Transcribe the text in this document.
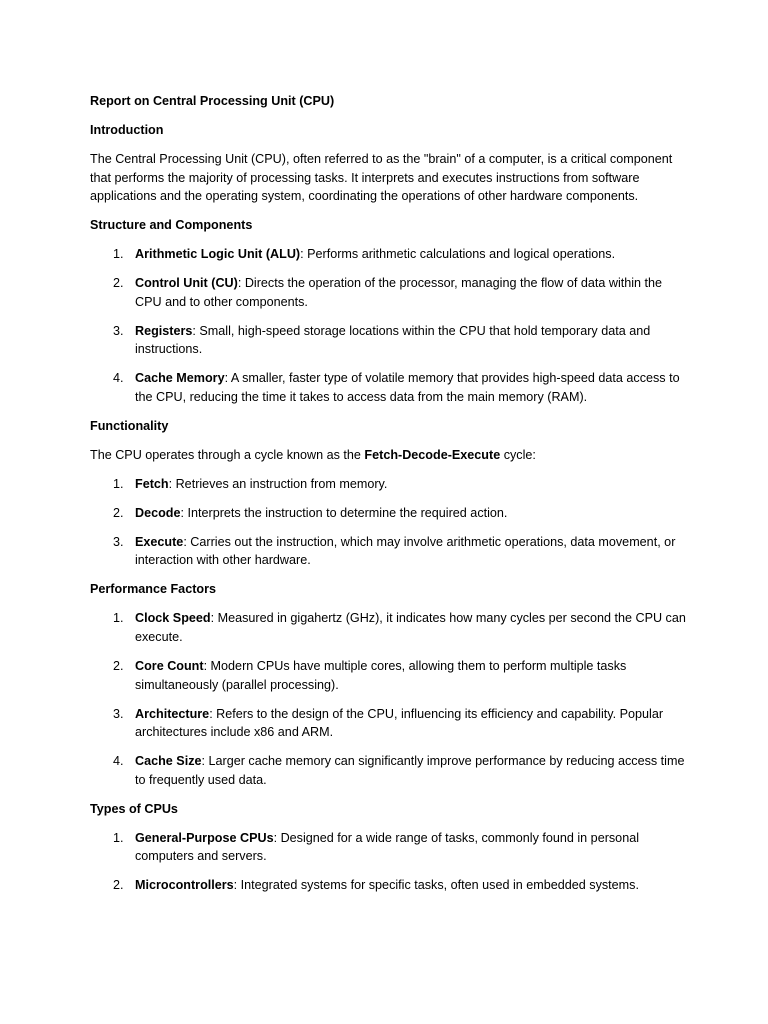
Report on Central Processing Unit (CPU)

Introduction

The Central Processing Unit (CPU), often referred to as the "brain" of a computer, is a critical component that performs the majority of processing tasks. It interprets and executes instructions from software applications and the operating system, coordinating the operations of other hardware components.

Structure and Components

1. Arithmetic Logic Unit (ALU): Performs arithmetic calculations and logical operations.
2. Control Unit (CU): Directs the operation of the processor, managing the flow of data within the CPU and to other components.
3. Registers: Small, high-speed storage locations within the CPU that hold temporary data and instructions.
4. Cache Memory: A smaller, faster type of volatile memory that provides high-speed data access to the CPU, reducing the time it takes to access data from the main memory (RAM).

Functionality

The CPU operates through a cycle known as the Fetch-Decode-Execute cycle:

1. Fetch: Retrieves an instruction from memory.
2. Decode: Interprets the instruction to determine the required action.
3. Execute: Carries out the instruction, which may involve arithmetic operations, data movement, or interaction with other hardware.

Performance Factors

1. Clock Speed: Measured in gigahertz (GHz), it indicates how many cycles per second the CPU can execute.
2. Core Count: Modern CPUs have multiple cores, allowing them to perform multiple tasks simultaneously (parallel processing).
3. Architecture: Refers to the design of the CPU, influencing its efficiency and capability. Popular architectures include x86 and ARM.
4. Cache Size: Larger cache memory can significantly improve performance by reducing access time to frequently used data.

Types of CPUs

1. General-Purpose CPUs: Designed for a wide range of tasks, commonly found in personal computers and servers.
2. Microcontrollers: Integrated systems for specific tasks, often used in embedded systems.
